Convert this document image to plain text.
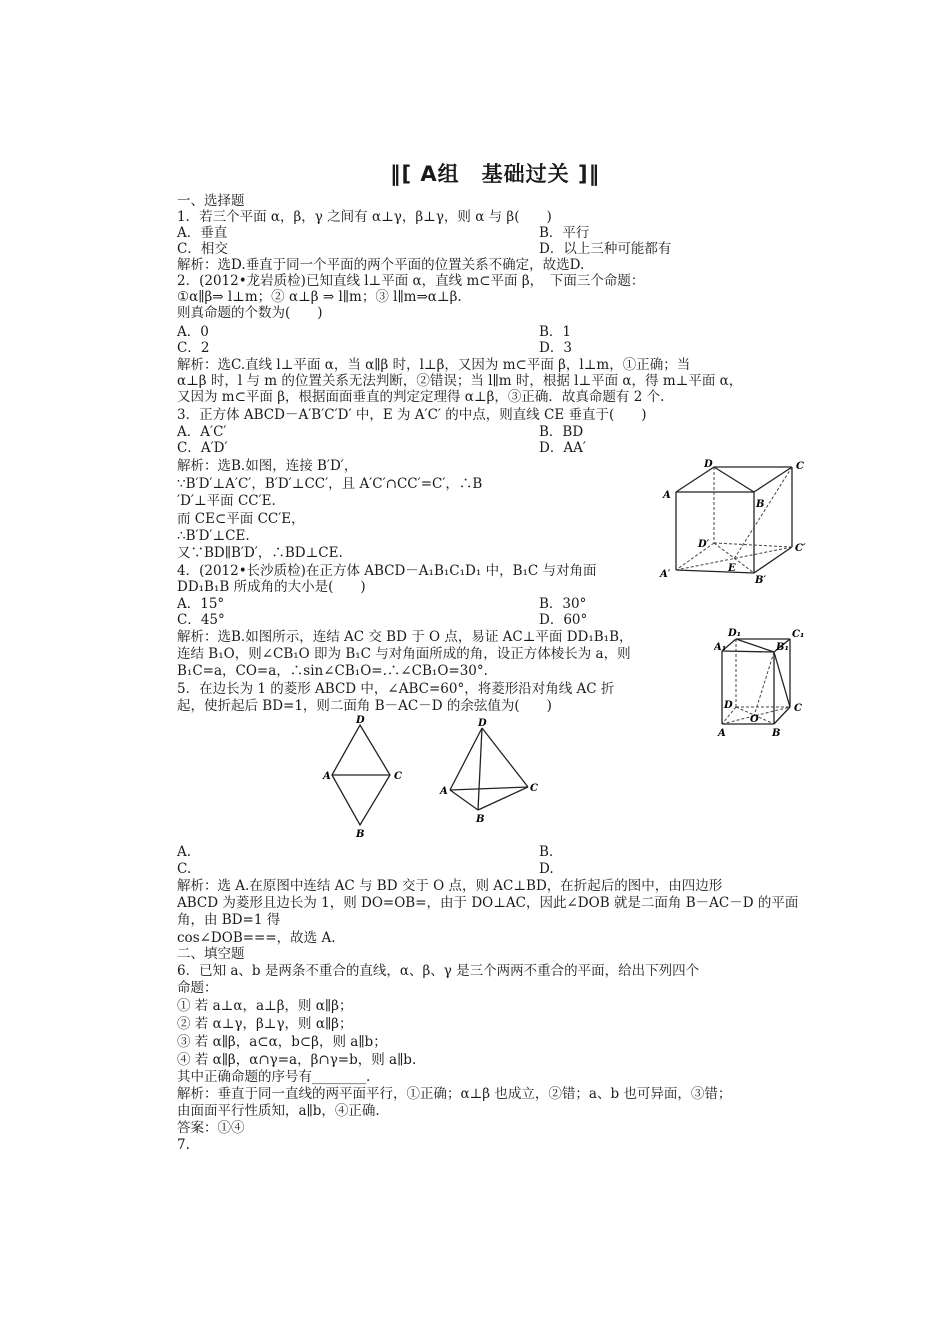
‖[ A组　基础过关 ]‖
一、选择题
1．若三个平面 α，β，γ 之间有 α⊥γ，β⊥γ，则 α 与 β(　　)
A．垂直	B．平行
C．相交	D．以上三种可能都有
解析：选D.垂直于同一个平面的两个平面的位置关系不确定，故选D.
2．(2012•龙岩质检)已知直线 l⊥平面 α，直线 m⊂平面 β，　下面三个命题：
①α∥β⇒ l⊥m；② α⊥β ⇒ l∥m；③ l∥m⇒α⊥β.
则真命题的个数为(　　)
A．0	B．1
C．2	D．3
解析：选C.直线 l⊥平面 α，当 α∥β 时，l⊥β，又因为 m⊂平面 β，l⊥m，①正确；当
α⊥β 时，l 与 m 的位置关系无法判断，②错误；当 l∥m 时，根据 l⊥平面 α，得 m⊥平面 α，
又因为 m⊂平面 β，根据面面垂直的判定定理得 α⊥β，③正确．故真命题有 2 个.
3．正方体 ABCD－A′B′C′D′ 中，E 为 A′C′ 的中点，则直线 CE 垂直于(　　)
A．A′C′	B．BD
C．A′D′	D．AA′
解析：选B.如图，连接 B′D′，
∵B′D′⊥A′C′，B′D′⊥CC′，且 A′C′∩CC′=C′，∴B
′D′⊥平面 CC′E.
而 CE⊂平面 CC′E，
∴B′D′⊥CE.
又∵BD∥B′D′，∴BD⊥CE.
D	C
A
B
D′	C′
A′
E
B′
4．(2012•长沙质检)在正方体 ABCD－A₁B₁C₁D₁ 中，B₁C 与对角面
DD₁B₁B 所成角的大小是(　　)
A．15°	B．30°
C．45°	D．60°
解析：选B.如图所示，连结 AC 交 BD 于 O 点，易证 AC⊥平面 DD₁B₁B，
连结 B₁O，则∠CB₁O 即为 B₁C 与对角面所成的角，设正方体棱长为 a，则
B₁C=a，CO=a，∴sin∠CB₁O=.∴∠CB₁O=30°.
D₁	C₁
A₁	B₁
D	C
O
A	B
5．在边长为 1 的菱形 ABCD 中，∠ABC=60°，将菱形沿对角线 AC 折
起，使折起后 BD=1，则二面角 B－AC－D 的余弦值为(　　)
D
A	C
B
D
A	C
B
A.	B.
C.	D.
解析：选 A.在原图中连结 AC 与 BD 交于 O 点，则 AC⊥BD，在折起后的图中，由四边形
ABCD 为菱形且边长为 1，则 DO=OB=，由于 DO⊥AC，因此∠DOB 就是二面角 B－AC－D 的平面
角，由 BD=1 得
cos∠DOB===，故选 A.
二、填空题
6．已知 a、b 是两条不重合的直线，α、β、γ 是三个两两不重合的平面，给出下列四个
命题：
① 若 a⊥α，a⊥β，则 α∥β；
② 若 α⊥γ，β⊥γ，则 α∥β；
③ 若 α∥β，a⊂α，b⊂β，则 a∥b；
④ 若 α∥β，α∩γ=a，β∩γ=b，则 a∥b.
其中正确命题的序号有________.
解析：垂直于同一直线的两平面平行，①正确；α⊥β 也成立，②错；a、b 也可异面，③错；
由面面平行性质知，a∥b，④正确.
答案：①④
7.
